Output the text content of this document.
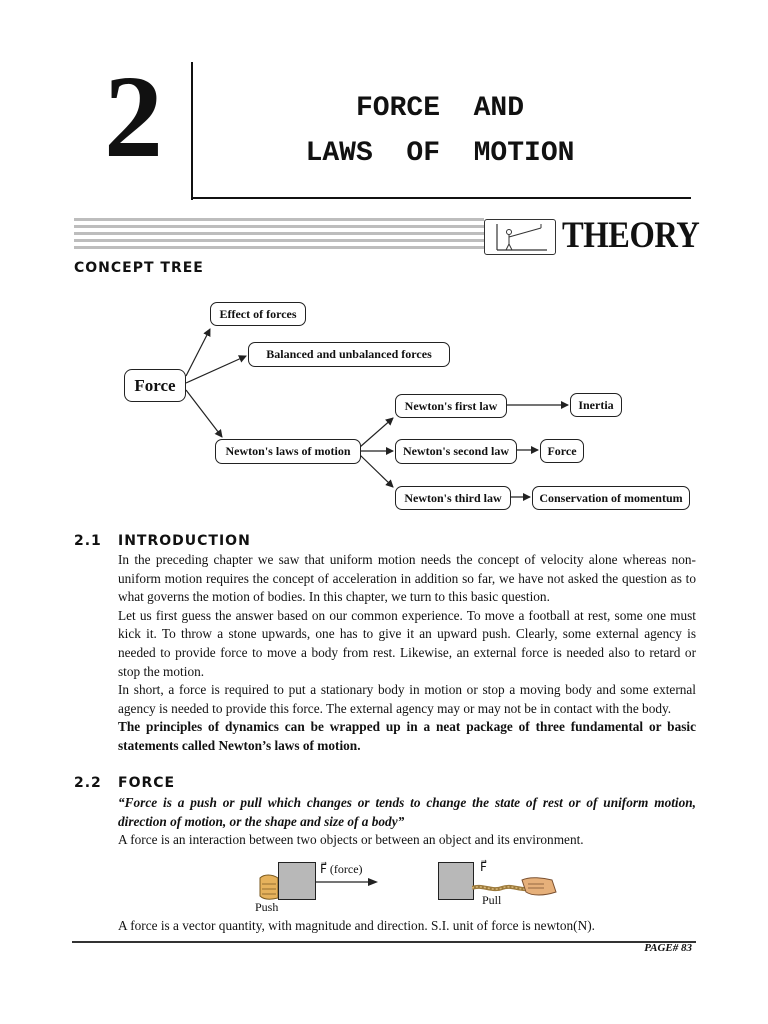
2	FORCE  AND
LAWS  OF  MOTION
THEORY
CONCEPT TREE
Force
Effect of forces
Balanced and unbalanced forces
Newton's laws of motion
Newton's first law
Newton's second law
Newton's third law
Inertia
Force
Conservation of momentum
2.1 INTRODUCTION

In the preceding chapter we saw that uniform motion needs the concept of velocity alone whereas non-uniform motion requires the concept of acceleration in addition so far, we have not asked the question as to what governs the motion of bodies. In this chapter, we turn to this basic question.

Let us first guess the answer based on our common experience. To move a football at rest, some one must kick it. To throw a stone upwards, one has to give it an upward push. Clearly, some external agency is needed to provide force to move a body from rest. Likewise, an external force is needed also to retard or stop the motion.

In short, a force is required to put a stationary body in motion or stop a moving body and some external agency is needed to provide this force. The external agency may or may not be in contact with the body.

The principles of dynamics can be wrapped up in a neat package of three fundamental or basic statements called Newton’s laws of motion.

2.2 FORCE

“Force is a push or pull which changes or tends to change the state of rest or of uniform motion, direction of motion, or the shape and size of a body”

A force is an interaction between two objects or between an object and its environment.

F⃗ (force)
Push
F⃗
Pull
A force is a vector quantity, with magnitude and direction. S.I. unit of force is newton(N).
PAGE# 83
